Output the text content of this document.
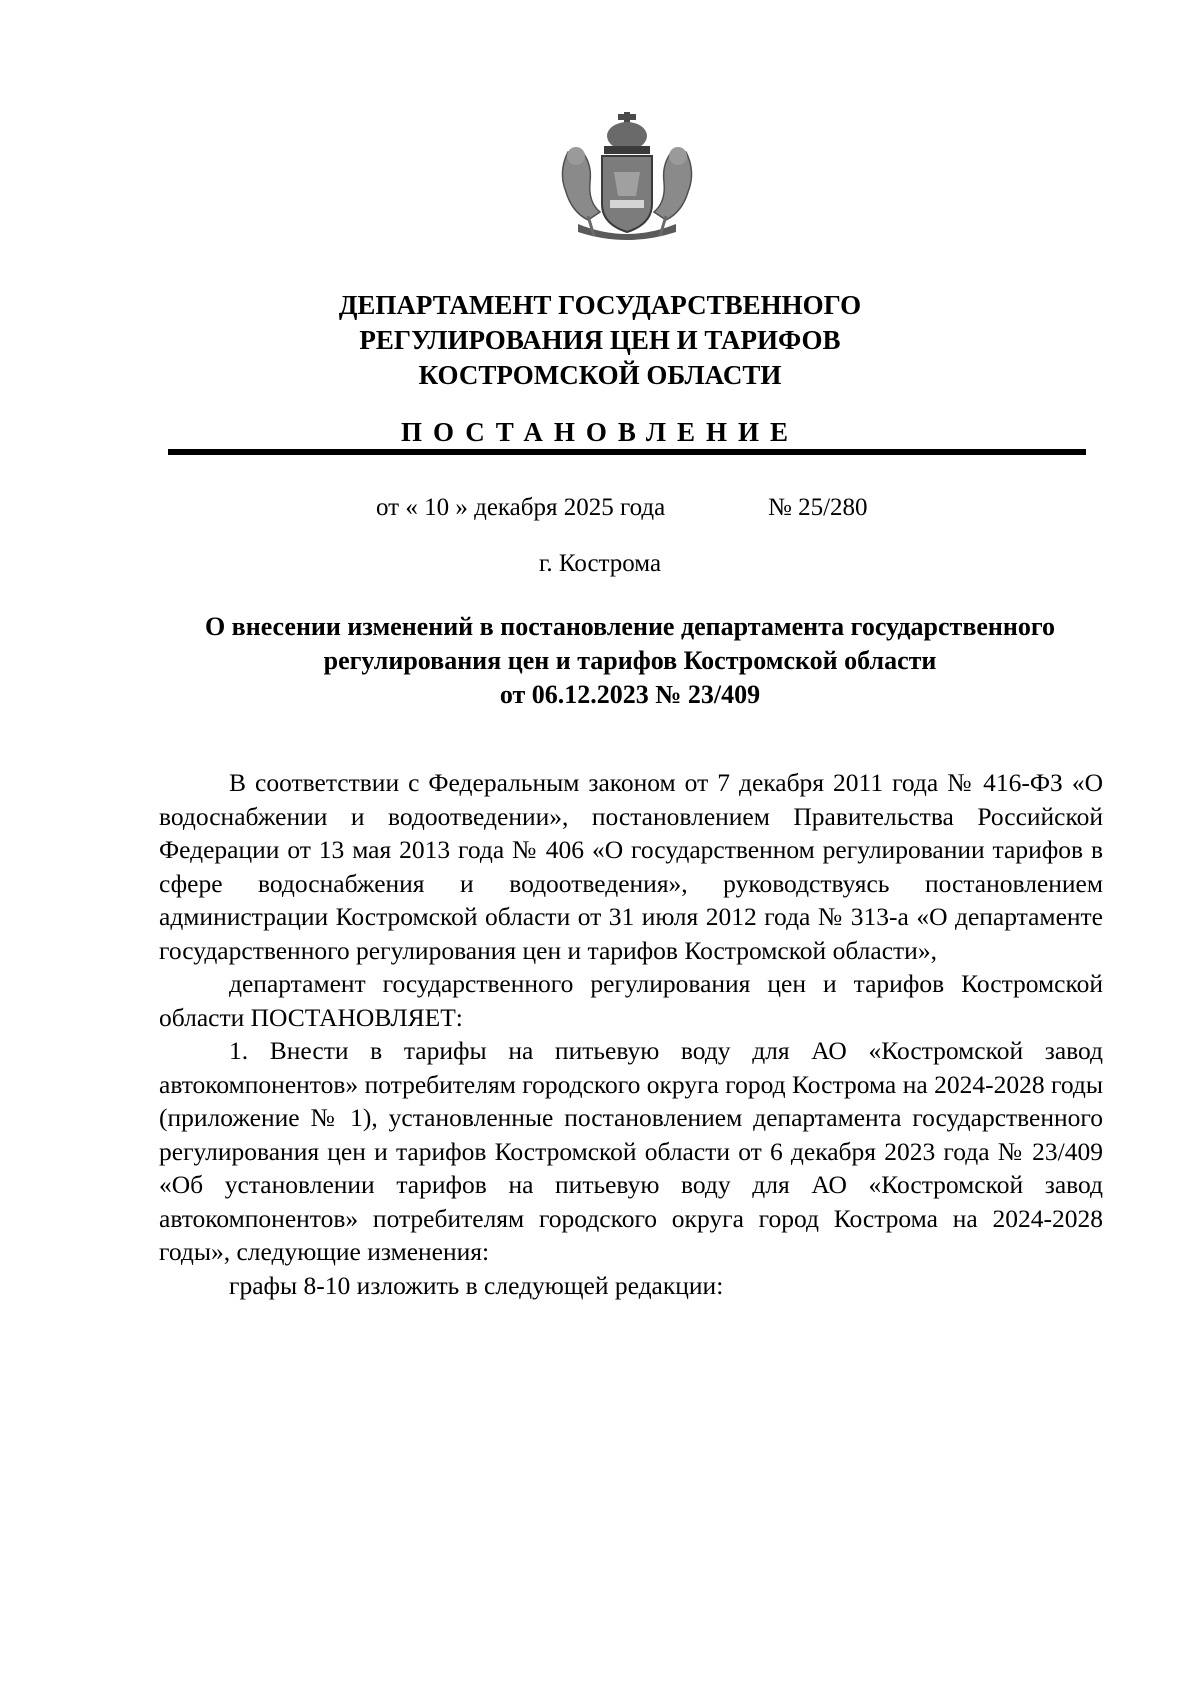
ДЕПАРТАМЕНТ ГОСУДАРСТВЕННОГО
РЕГУЛИРОВАНИЯ ЦЕН И ТАРИФОВ
КОСТРОМСКОЙ ОБЛАСТИ
ПОСТАНОВЛЕНИЕ
от « 10 » декабря 2025 года	№ 25/280
г. Кострома
О внесении изменений в постановление департамента государственного
регулирования цен и тарифов Костромской области
от 06.12.2023 № 23/409

В соответствии с Федеральным законом от 7 декабря 2011 года № 416-ФЗ «О водоснабжении и водоотведении», постановлением Правительства Российской Федерации от 13 мая 2013 года № 406 «О государственном регулировании тарифов в сфере водоснабжения и водоотведения», руководствуясь постановлением администрации Костромской области от 31 июля 2012 года № 313-а «О департаменте государственного регулирования цен и тарифов Костромской области»,

департамент государственного регулирования цен и тарифов Костромской области ПОСТАНОВЛЯЕТ:

1. Внести в тарифы на питьевую воду для АО «Костромской завод автокомпонентов» потребителям городского округа город Кострома на 2024-2028 годы (приложение № 1), установленные постановлением департамента государственного регулирования цен и тарифов Костромской области от 6 декабря 2023 года № 23/409 «Об установлении тарифов на питьевую воду для АО «Костромской завод автокомпонентов» потребителям городского округа город Кострома на 2024-2028 годы», следующие изменения:

графы 8-10 изложить в следующей редакции:
